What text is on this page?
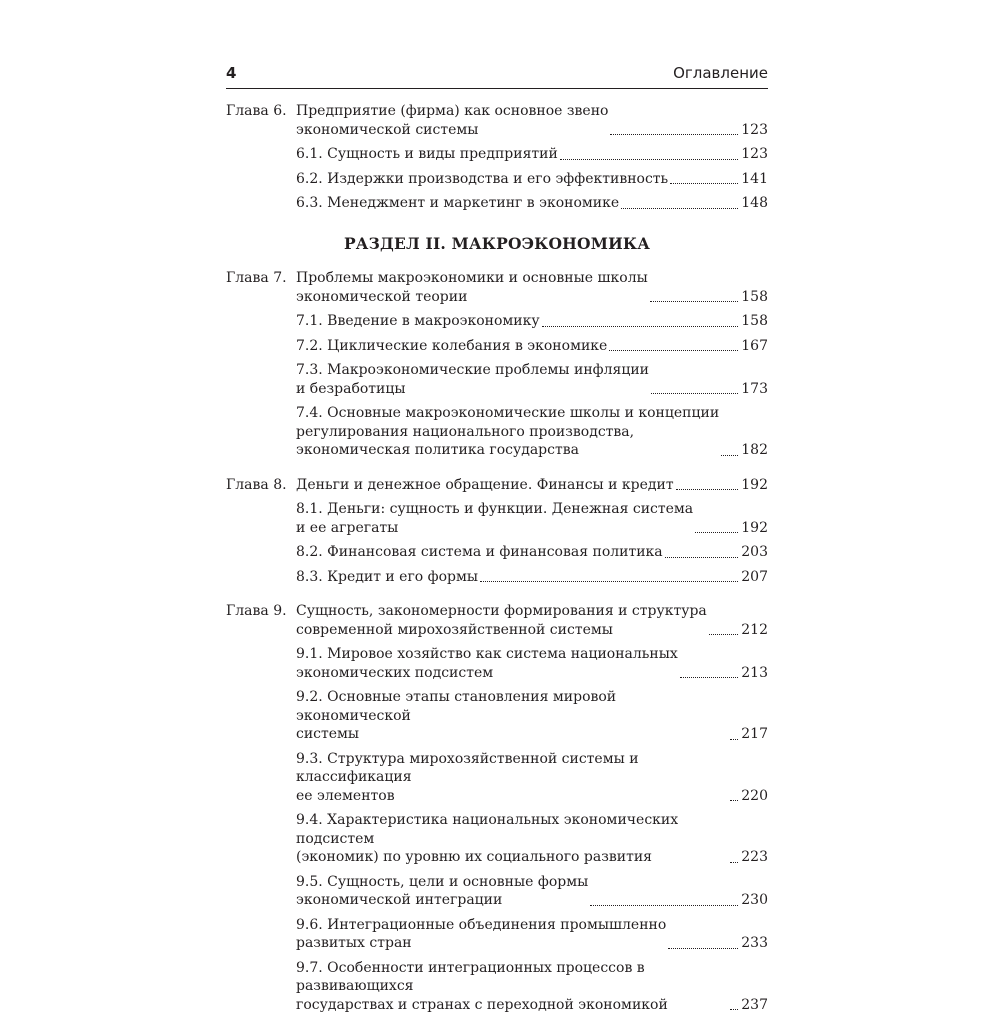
4	Оглавление
Глава 6. Предприятие (фирма) как основное звено
экономической системы	123
6.1. Сущность и виды предприятий	123
6.2. Издержки производства и его эффективность	141
6.3. Менеджмент и маркетинг в экономике	148
РАЗДЕЛ II. МАКРОЭКОНОМИКА
Глава 7. Проблемы макроэкономики и основные школы
экономической теории	158
7.1. Введение в макроэкономику	158
7.2. Циклические колебания в экономике	167
7.3. Макроэкономические проблемы инфляции
и безработицы	173
7.4. Основные макроэкономические школы и концепции
регулирования национального производства,
экономическая политика государства	182
Глава 8. Деньги и денежное обращение. Финансы и кредит	192
8.1. Деньги: сущность и функции. Денежная система
и ее агрегаты	192
8.2. Финансовая система и финансовая политика	203
8.3. Кредит и его формы	207
Глава 9. Сущность, закономерности формирования и структура
современной мирохозяйственной системы	212
9.1. Мировое хозяйство как система национальных
экономических подсистем	213
9.2. Основные этапы становления мировой экономической
системы	217
9.3. Структура мирохозяйственной системы и классификация
ее элементов	220
9.4. Характеристика национальных экономических подсистем
(экономик) по уровню их социального развития	223
9.5. Сущность, цели и основные формы
экономической интеграции	230
9.6. Интеграционные объединения промышленно
развитых стран	233
9.7. Особенности интеграционных процессов в развивающихся
государствах и странах с переходной экономикой	237
